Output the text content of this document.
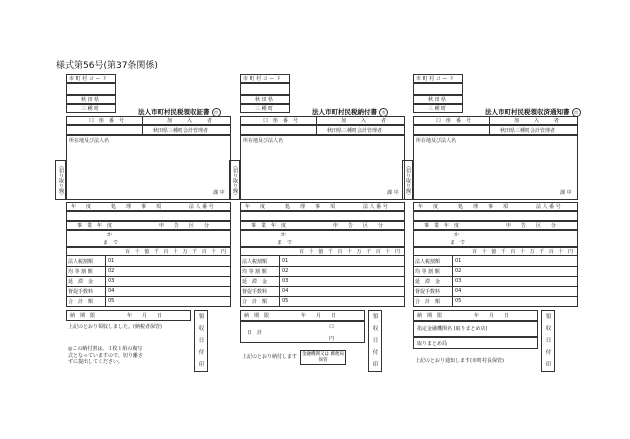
様式第56号(第37条関係)
（切り取り線）
市 町 村 コ ー ド
秋 田 県
三 種 町	法人市町村民税領収証書 市
口　座　番　号	加　　　入　　　者
秋田県三種町会計管理者
所在地及び法人名
課 中
年　　度	処　　理　　事　　項	法 人 番 号
事　業　年　度	申　　告　　区　　分
か
ま　で
百 十 億 千 百 十 万 千 百 十 円
法人税割額	01
均 等 割 額	02
延　滞　金	03
督促手数料	04
合　計　額	05
納　期　限	年　　月　　日
上記のとおり領収しました。(納税者保管)
◎この納付書は、３枚１組の複写式となっていますので、切り離さずに提出してください。
領
収
日
付
印
（切り取り線）
市 町 村 コ ー ド
秋 田 県
三 種 町	法人市町村民税納付書 市
口　座　番　号	加　　　入　　　者
秋田県三種町会計管理者
所在地及び法人名
課 中
年　　度	処　　理　　事　　項	法 人 番 号
事　業　年　度	申　　告　　区　　分
か
ま　で
百 十 億 千 百 十 万 千 百 十 円
法人税割額	01
均 等 割 額	02
延　滞　金	03
督促手数料	04
合　計　額	05
納　期　限	年　　月　　日
日　計
口
円
上記のとおり納付します	金融機関又は 郵便局保管
領
収
日
付
印
（切り取り線）
市 町 村 コ ー ド
秋 田 県
三 種 町	法人市町村民税領収済通知書 市
口　座　番　号	加　　　入　　　者
秋田県三種町会計管理者
所在地及び法人名
課 中
年　　度	処　　理　　事　　項	法 人 番 号
事　業　年　度	申　　告　　区　　分
か
ま　で
百 十 億 千 百 十 万 千 百 十 円
法人税割額	01
均 等 割 額	02
延　滞　金	03
督促手数料	04
合　計　額	05
納　期　限	年　　月　　日
指定金融機関名 (取りまとめ店)
取りまとめ局
上記のとおり通知します(市町村長保管)
領
収
日
付
印
